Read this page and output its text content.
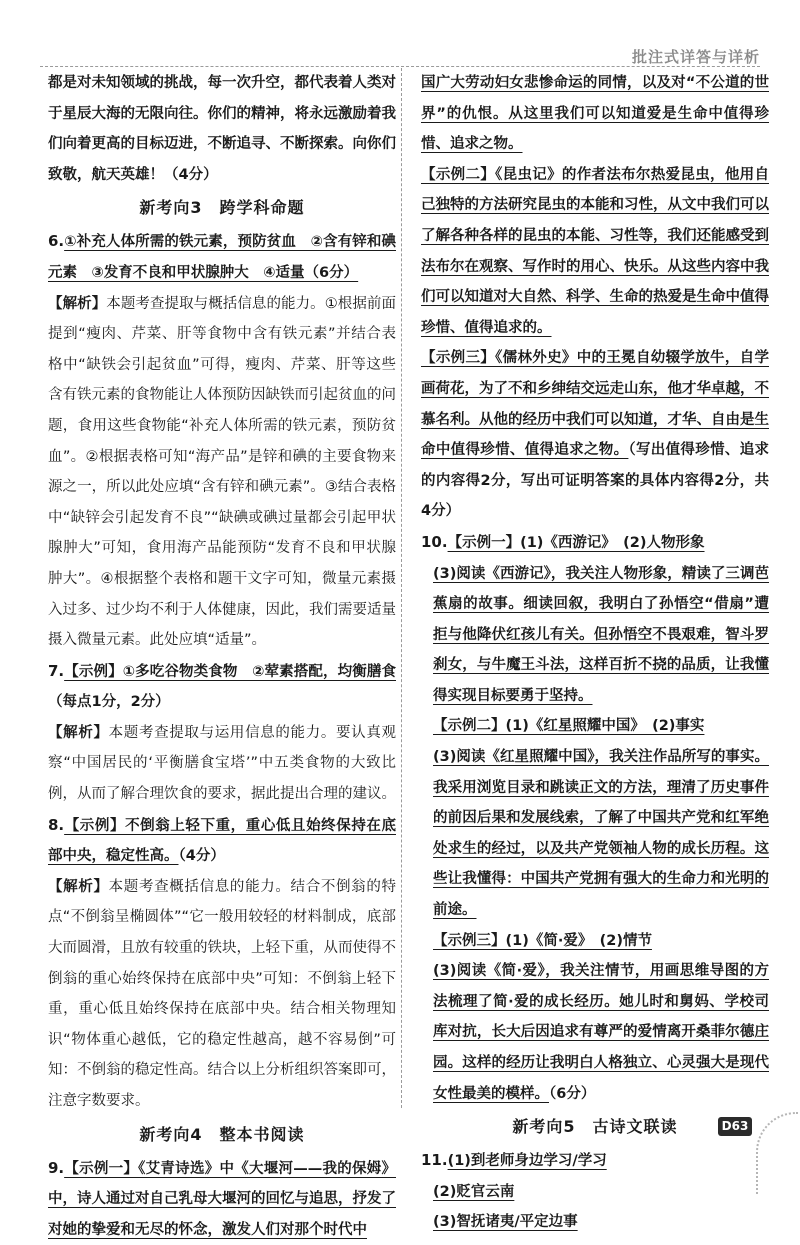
批注式详答与详析

都是对未知领域的挑战，每一次升空，都代表着人类对于星辰大海的无限向往。你们的精神，将永远激励着我们向着更高的目标迈进，不断追寻、不断探索。向你们致敬，航天英雄！（4分）

新考向3　跨学科命题

6.①补充人体所需的铁元素，预防贫血　②含有锌和碘元素　③发育不良和甲状腺肿大　④适量（6分）

【解析】本题考查提取与概括信息的能力。①根据前面提到“瘦肉、芹菜、肝等食物中含有铁元素”并结合表格中“缺铁会引起贫血”可得，瘦肉、芹菜、肝等这些含有铁元素的食物能让人体预防因缺铁而引起贫血的问题，食用这些食物能“补充人体所需的铁元素，预防贫血”。②根据表格可知“海产品”是锌和碘的主要食物来源之一，所以此处应填“含有锌和碘元素”。③结合表格中“缺锌会引起发育不良”“缺碘或碘过量都会引起甲状腺肿大”可知，食用海产品能预防“发育不良和甲状腺肿大”。④根据整个表格和题干文字可知，微量元素摄入过多、过少均不利于人体健康，因此，我们需要适量摄入微量元素。此处应填“适量”。

7.【示例】①多吃谷物类食物　②荤素搭配，均衡膳食（每点1分，2分）

【解析】本题考查提取与运用信息的能力。要认真观察“中国居民的‘平衡膳食宝塔’”中五类食物的大致比例，从而了解合理饮食的要求，据此提出合理的建议。

8.【示例】不倒翁上轻下重，重心低且始终保持在底部中央，稳定性高。（4分）

【解析】本题考查概括信息的能力。结合不倒翁的特点“不倒翁呈椭圆体”“它一般用较轻的材料制成，底部大而圆滑，且放有较重的铁块，上轻下重，从而使得不倒翁的重心始终保持在底部中央”可知：不倒翁上轻下重，重心低且始终保持在底部中央。结合相关物理知识“物体重心越低，它的稳定性越高，越不容易倒”可知：不倒翁的稳定性高。结合以上分析组织答案即可，注意字数要求。

新考向4　整本书阅读

9.【示例一】《艾青诗选》中《大堰河——我的保姆》中，诗人通过对自己乳母大堰河的回忆与追思，抒发了对她的挚爱和无尽的怀念，激发人们对那个时代中

国广大劳动妇女悲惨命运的同情，以及对“不公道的世界”的仇恨。从这里我们可以知道爱是生命中值得珍惜、追求之物。

【示例二】《昆虫记》的作者法布尔热爱昆虫，他用自己独特的方法研究昆虫的本能和习性，从文中我们可以了解各种各样的昆虫的本能、习性等，我们还能感受到法布尔在观察、写作时的用心、快乐。从这些内容中我们可以知道对大自然、科学、生命的热爱是生命中值得珍惜、值得追求的。

【示例三】《儒林外史》中的王冕自幼辍学放牛，自学画荷花，为了不和乡绅结交远走山东，他才华卓越，不慕名利。从他的经历中我们可以知道，才华、自由是生命中值得珍惜、值得追求之物。（写出值得珍惜、追求的内容得2分，写出可证明答案的具体内容得2分，共4分）

10.【示例一】(1)《西游记》　(2)人物形象

(3)阅读《西游记》，我关注人物形象，精读了三调芭蕉扇的故事。细读回叙，我明白了孙悟空“借扇”遭拒与他降伏红孩儿有关。但孙悟空不畏艰难，智斗罗刹女，与牛魔王斗法，这样百折不挠的品质，让我懂得实现目标要勇于坚持。

【示例二】(1)《红星照耀中国》　(2)事实

(3)阅读《红星照耀中国》，我关注作品所写的事实。我采用浏览目录和跳读正文的方法，理清了历史事件的前因后果和发展线索，了解了中国共产党和红军绝处求生的经过，以及共产党领袖人物的成长历程。这些让我懂得：中国共产党拥有强大的生命力和光明的前途。

【示例三】(1)《简·爱》　(2)情节

(3)阅读《简·爱》，我关注情节，用画思维导图的方法梳理了简·爱的成长经历。她儿时和舅妈、学校司库对抗，长大后因追求有尊严的爱情离开桑菲尔德庄园。这样的经历让我明白人格独立、心灵强大是现代女性最美的模样。（6分）

新考向5　古诗文联读

11.(1)到老师身边学习/学习

(2)贬官云南

(3)智抚诸夷/平定边事

D63
